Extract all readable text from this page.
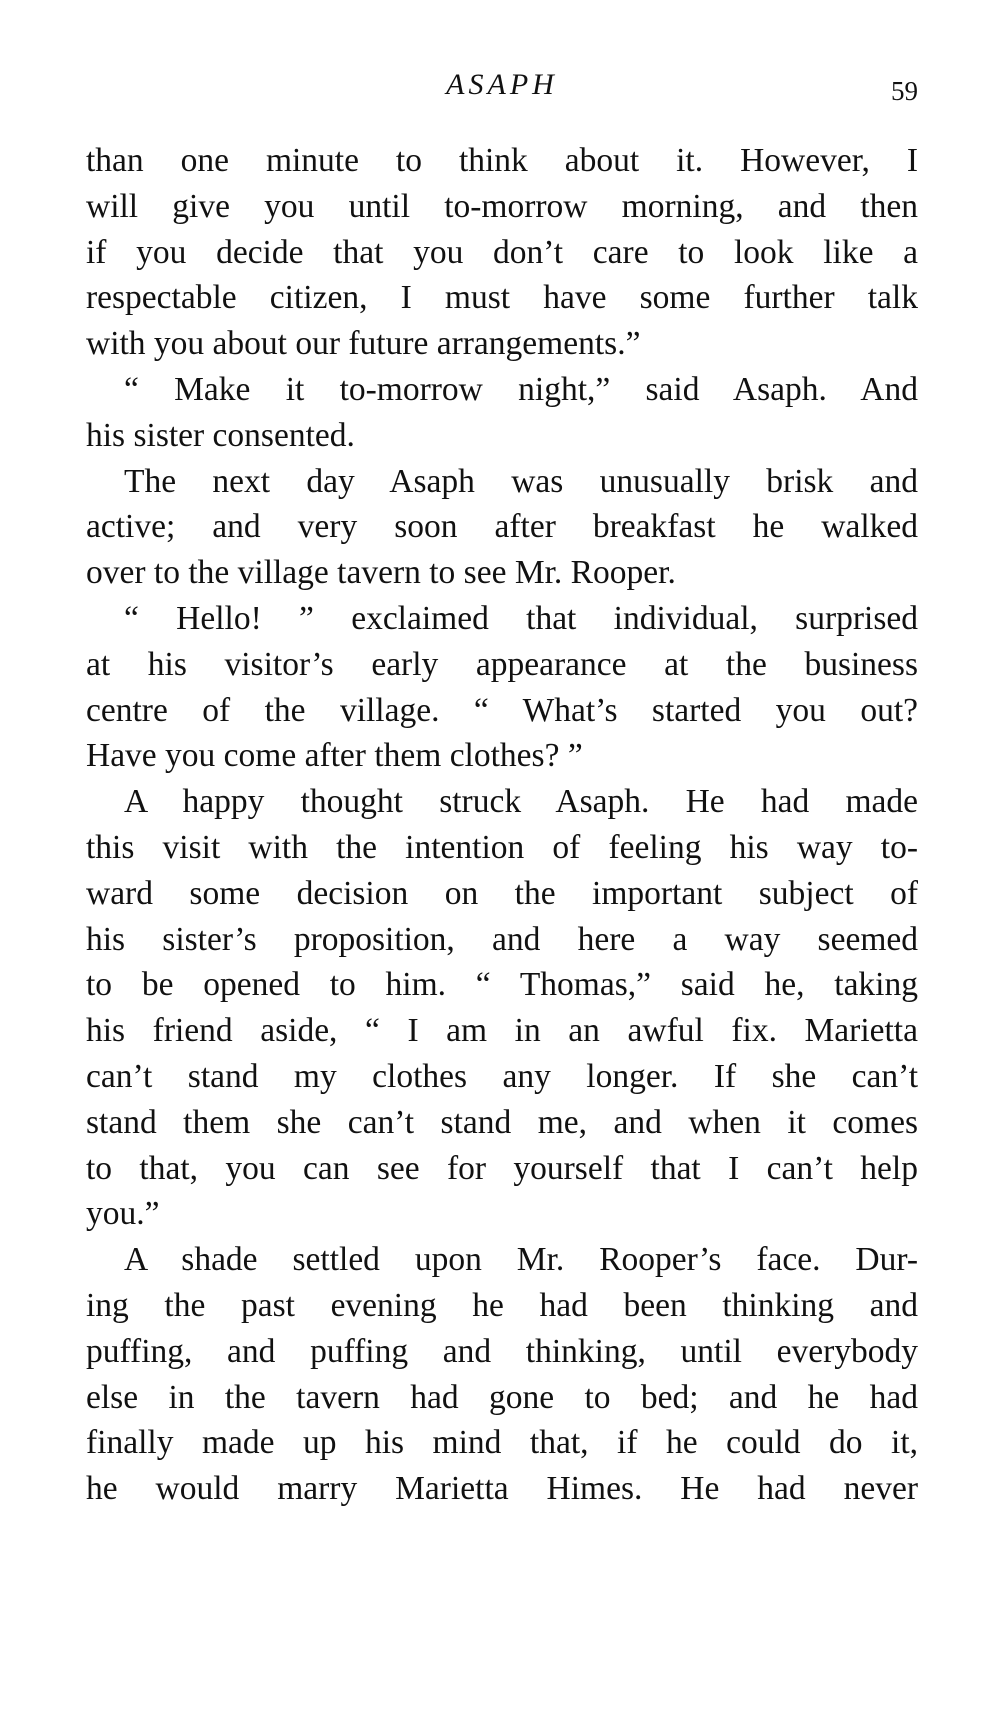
ASAPH	59
than one minute to think about it. However, I
will give you until to-morrow morning, and then
if you decide that you don’t care to look like a
respectable citizen, I must have some further talk
with you about our future arrangements.”
“ Make it to-morrow night,” said Asaph. And
his sister consented.
The next day Asaph was unusually brisk and
active; and very soon after breakfast he walked
over to the village tavern to see Mr. Rooper.
“ Hello! ” exclaimed that individual, surprised
at his visitor’s early appearance at the business
centre of the village. “ What’s started you out?
Have you come after them clothes? ”
A happy thought struck Asaph. He had made
this visit with the intention of feeling his way to-
ward some decision on the important subject of
his sister’s proposition, and here a way seemed
to be opened to him. “ Thomas,” said he, taking
his friend aside, “ I am in an awful fix. Marietta
can’t stand my clothes any longer. If she can’t
stand them she can’t stand me, and when it comes
to that, you can see for yourself that I can’t help
you.”
A shade settled upon Mr. Rooper’s face. Dur-
ing the past evening he had been thinking and
puffing, and puffing and thinking, until everybody
else in the tavern had gone to bed; and he had
finally made up his mind that, if he could do it,
he would marry Marietta Himes. He had never
